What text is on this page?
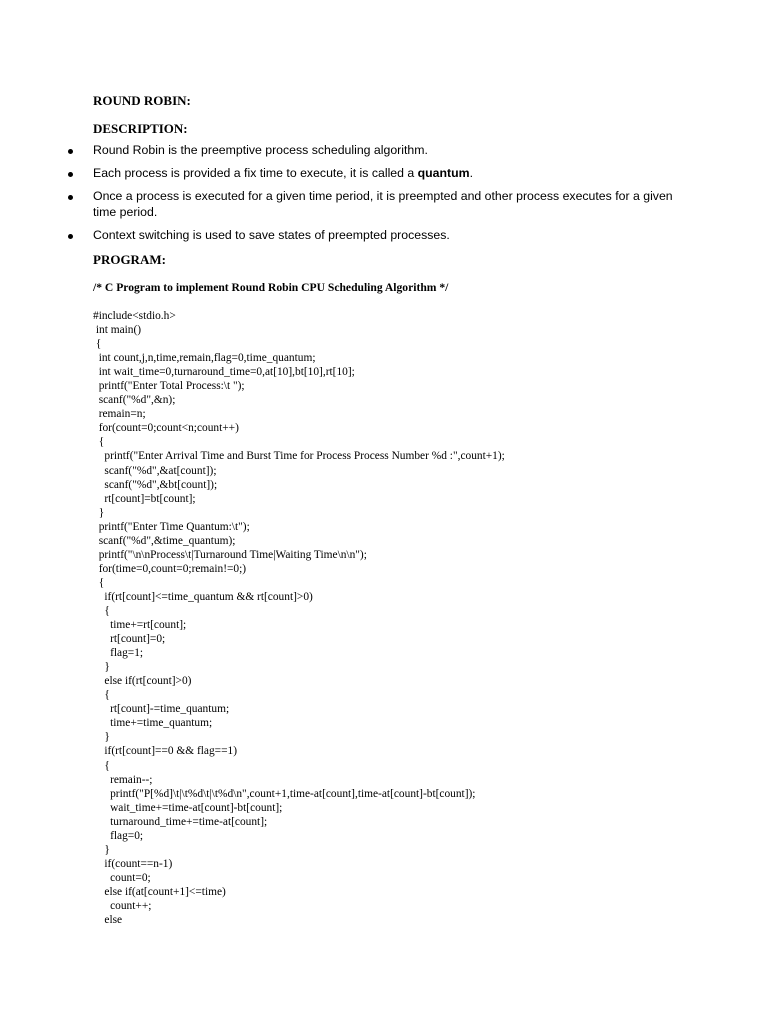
ROUND ROBIN:
DESCRIPTION:
Round Robin is the preemptive process scheduling algorithm.
Each process is provided a fix time to execute, it is called a quantum.
Once a process is executed for a given time period, it is preempted and other process executes for a given time period.
Context switching is used to save states of preempted processes.
PROGRAM:
/* C Program to implement Round Robin CPU Scheduling Algorithm */
#include<stdio.h>
int main()
{
int count,j,n,time,remain,flag=0,time_quantum;
int wait_time=0,turnaround_time=0,at[10],bt[10],rt[10];
printf("Enter Total Process:\t ");
scanf("%d",&n);
remain=n;
for(count=0;count<n;count++)
{
printf("Enter Arrival Time and Burst Time for Process Process Number %d :",count+1);
scanf("%d",&at[count]);
scanf("%d",&bt[count]);
rt[count]=bt[count];
}
printf("Enter Time Quantum:\t");
scanf("%d",&time_quantum);
printf("\n\nProcess\t|Turnaround Time|Waiting Time\n\n");
for(time=0,count=0;remain!=0;)
{
if(rt[count]<=time_quantum && rt[count]>0)
{
time+=rt[count];
rt[count]=0;
flag=1;
}
else if(rt[count]>0)
{
rt[count]-=time_quantum;
time+=time_quantum;
}
if(rt[count]==0 && flag==1)
{
remain--;
printf("P[%d]\t|\t%d\t|\t%d\n",count+1,time-at[count],time-at[count]-bt[count]);
wait_time+=time-at[count]-bt[count];
turnaround_time+=time-at[count];
flag=0;
}
if(count==n-1)
count=0;
else if(at[count+1]<=time)
count++;
else
